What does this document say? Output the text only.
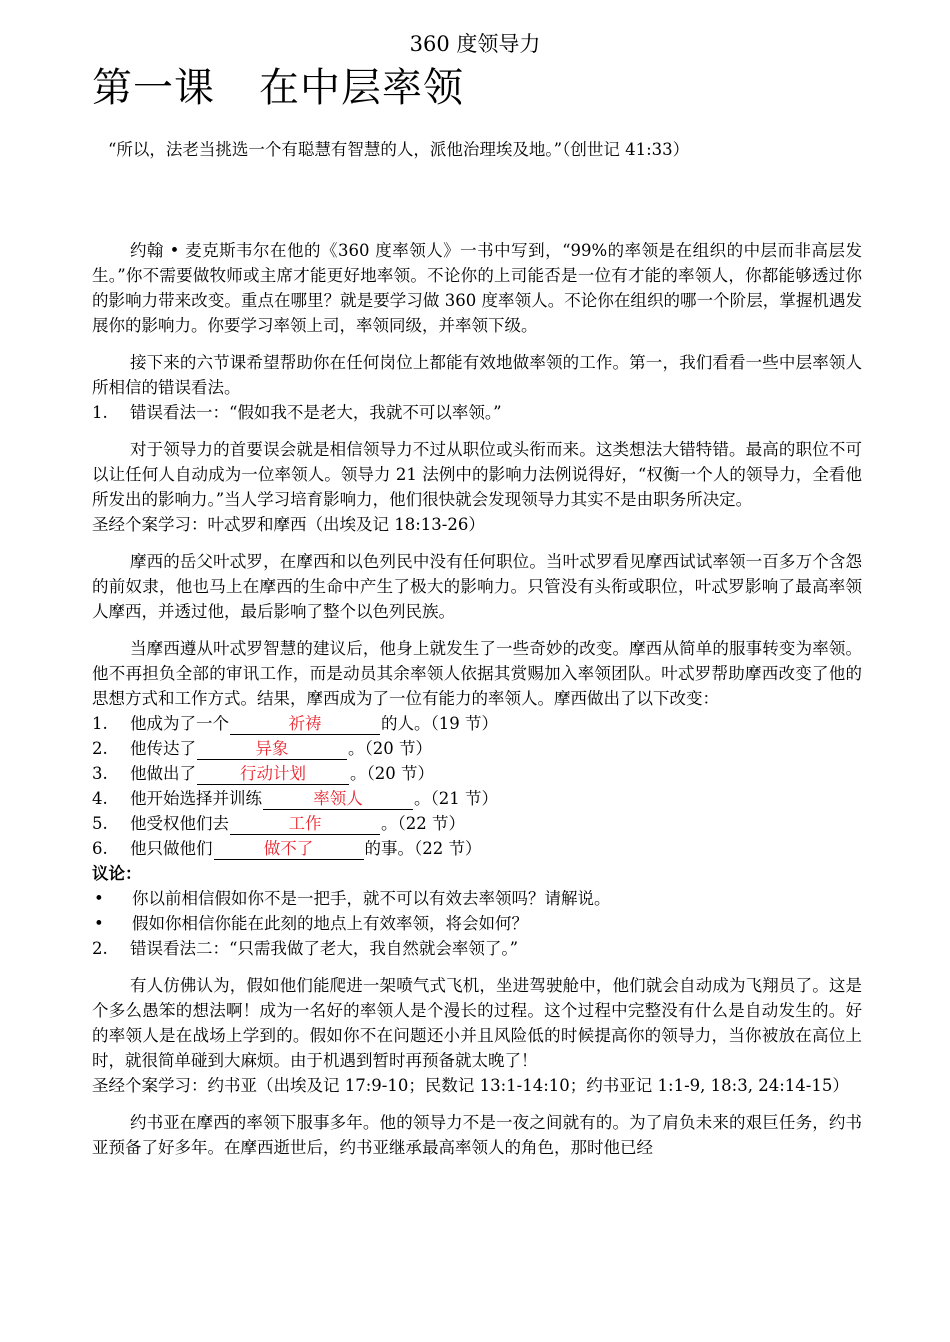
360 度领导力
第一课 在中层率领
“所以，法老当挑选一个有聪慧有智慧的人，派他治理埃及地。”（创世记 41:33）

约翰 • 麦克斯韦尔在他的《360 度率领人》一书中写到，“99%的率领是在组织的中层而非高层发生。”你不需要做牧师或主席才能更好地率领。不论你的上司能否是一位有才能的率领人，你都能够透过你的影响力带来改变。重点在哪里？就是要学习做 360 度率领人。不论你在组织的哪一个阶层，掌握机遇发展你的影响力。你要学习率领上司，率领同级，并率领下级。

接下来的六节课希望帮助你在任何岗位上都能有效地做率领的工作。第一，我们看看一些中层率领人所相信的错误看法。

1. 错误看法一：“假如我不是老大，我就不可以率领。”

对于领导力的首要误会就是相信领导力不过从职位或头衔而来。这类想法大错特错。最高的职位不可以让任何人自动成为一位率领人。领导力 21 法例中的影响力法例说得好，“权衡一个人的领导力，全看他所发出的影响力。”当人学习培育影响力，他们很快就会发现领导力其实不是由职务所决定。

圣经个案学习：叶忒罗和摩西（出埃及记 18:13-26）

摩西的岳父叶忒罗，在摩西和以色列民中没有任何职位。当叶忒罗看见摩西试试率领一百多万个含怨的前奴隶，他也马上在摩西的生命中产生了极大的影响力。只管没有头衔或职位，叶忒罗影响了最高率领人摩西，并透过他，最后影响了整个以色列民族。

当摩西遵从叶忒罗智慧的建议后，他身上就发生了一些奇妙的改变。摩西从简单的服事转变为率领。他不再担负全部的审讯工作，而是动员其余率领人依据其赏赐加入率领团队。叶忒罗帮助摩西改变了他的思想方式和工作方式。结果，摩西成为了一位有能力的率领人。摩西做出了以下改变：

1. 他成为了一个	祈祷	的人。（19 节）
2. 他传达了	异象	。（20 节）
3. 他做出了	行动计划	。（20 节）
4. 他开始选择并训练	率领人	。（21 节）
5. 他受权他们去	工作	。（22 节）
6. 他只做他们	做不了	的事。（22 节）
议论：
• 你以前相信假如你不是一把手，就不可以有效去率领吗？请解说。
• 假如你相信你能在此刻的地点上有效率领，将会如何？
2. 错误看法二：“只需我做了老大，我自然就会率领了。”

有人仿佛认为，假如他们能爬进一架喷气式飞机，坐进驾驶舱中，他们就会自动成为飞翔员了。这是个多么愚笨的想法啊！成为一名好的率领人是个漫长的过程。这个过程中完整没有什么是自动发生的。好的率领人是在战场上学到的。假如你不在问题还小并且风险低的时候提高你的领导力，当你被放在高位上时，就很简单碰到大麻烦。由于机遇到暂时再预备就太晚了！

圣经个案学习：约书亚（出埃及记 17:9-10；民数记 13:1-14:10；约书亚记 1:1-9, 18:3, 24:14-15）

约书亚在摩西的率领下服事多年。他的领导力不是一夜之间就有的。为了肩负未来的艰巨任务，约书亚预备了好多年。在摩西逝世后，约书亚继承最高率领人的角色，那时他已经
